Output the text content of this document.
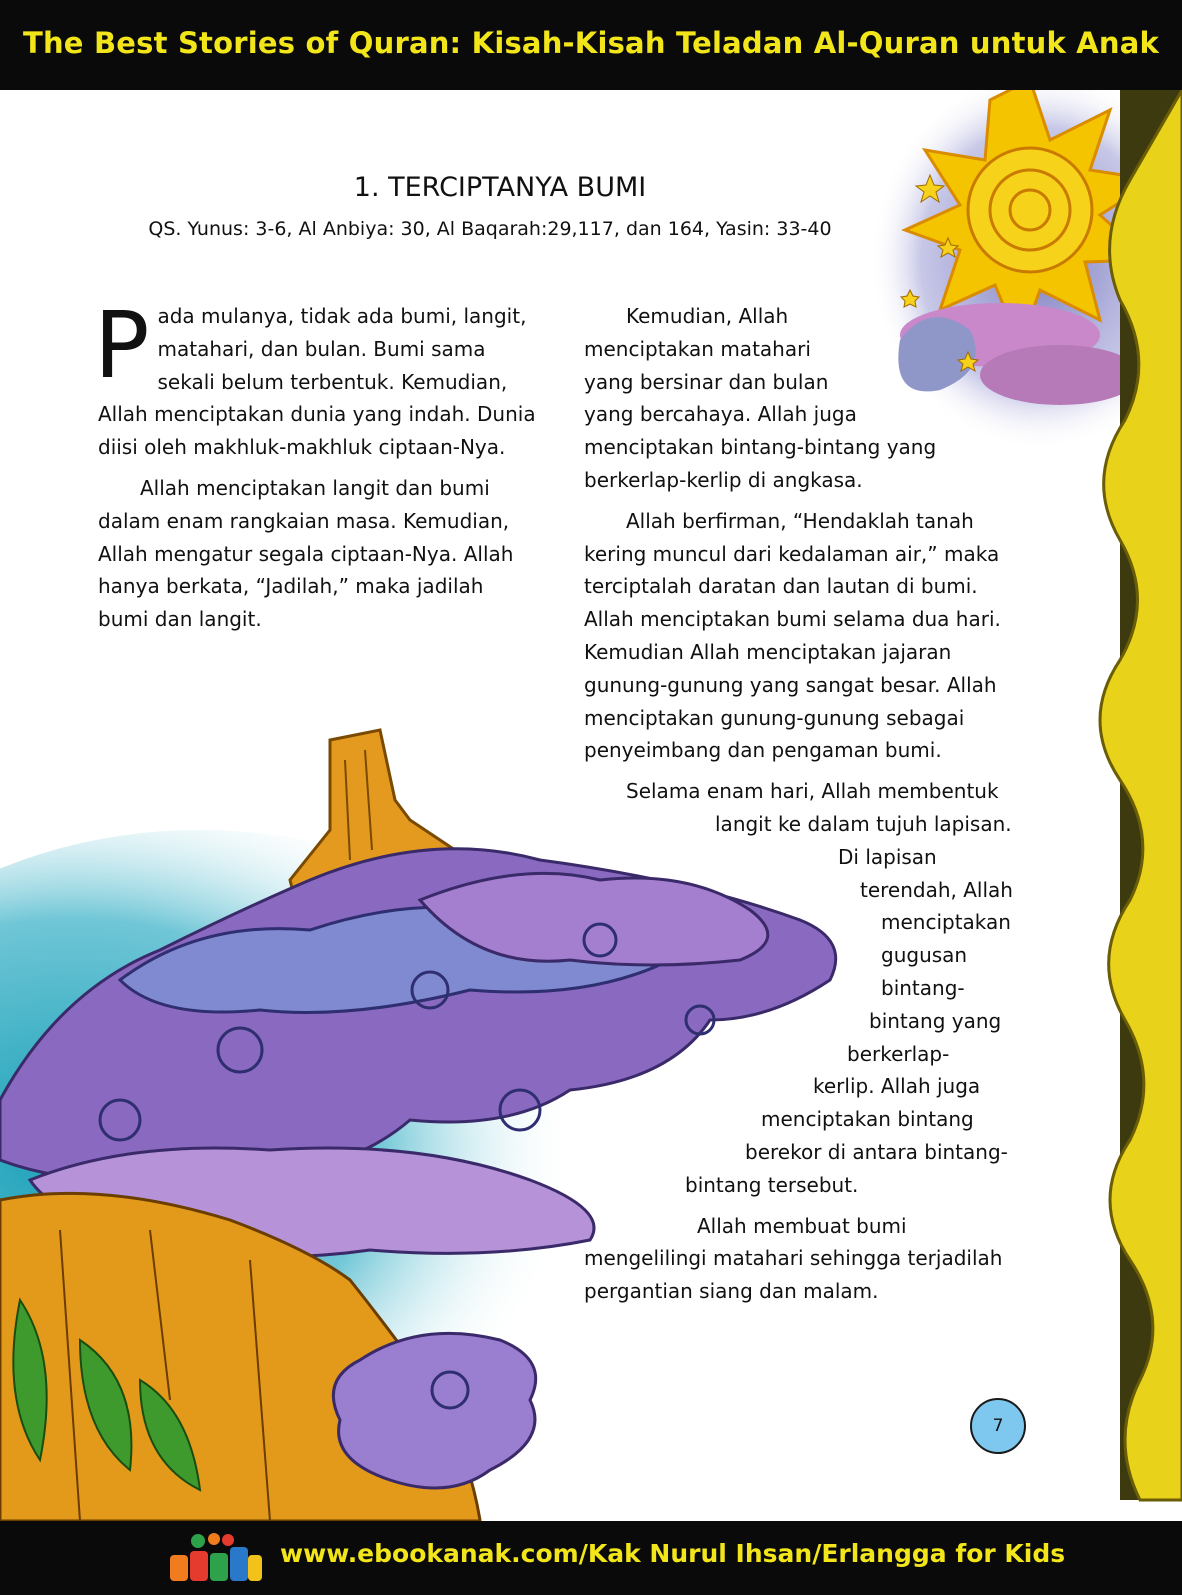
The Best Stories of Quran: Kisah-Kisah Teladan Al-Quran untuk Anak
1. TERCIPTANYA BUMI
QS. Yunus: 3-6, Al Anbiya: 30, Al Baqarah:29,117, dan 164, Yasin: 33-40

Pada mulanya, tidak ada bumi, langit, matahari, dan bulan. Bumi sama sekali belum terbentuk. Kemudian, Allah menciptakan dunia yang indah. Dunia diisi oleh makhluk-makhluk ciptaan-Nya.

Allah menciptakan langit dan bumi dalam enam rangkaian masa. Kemudian, Allah mengatur segala ciptaan-Nya. Allah hanya berkata, “Jadilah,” maka jadilah bumi dan langit.

Kemudian, Allah
menciptakan matahari
yang bersinar dan bulan
yang bercahaya. Allah juga
menciptakan bintang-bintang yang
berkerlap-kerlip di angkasa.

Allah berfirman, “Hendaklah tanah kering muncul dari kedalaman air,” maka terciptalah daratan dan lautan di bumi. Allah menciptakan bumi selama dua hari. Kemudian Allah menciptakan jajaran gunung-gunung yang sangat besar. Allah menciptakan gunung-gunung sebagai penyeimbang dan pengaman bumi.

Selama enam hari, Allah membentuk
langit ke dalam tujuh lapisan.
Di lapisan
terendah, Allah
menciptakan
gugusan
bintang-
bintang yang
berkerlap-
kerlip. Allah juga
menciptakan bintang
berekor di antara bintang-
bintang tersebut.
Allah membuat bumi
mengelilingi matahari sehingga terjadilah
pergantian siang dan malam.
7
www.ebookanak.com/Kak Nurul Ihsan/Erlangga for Kids
